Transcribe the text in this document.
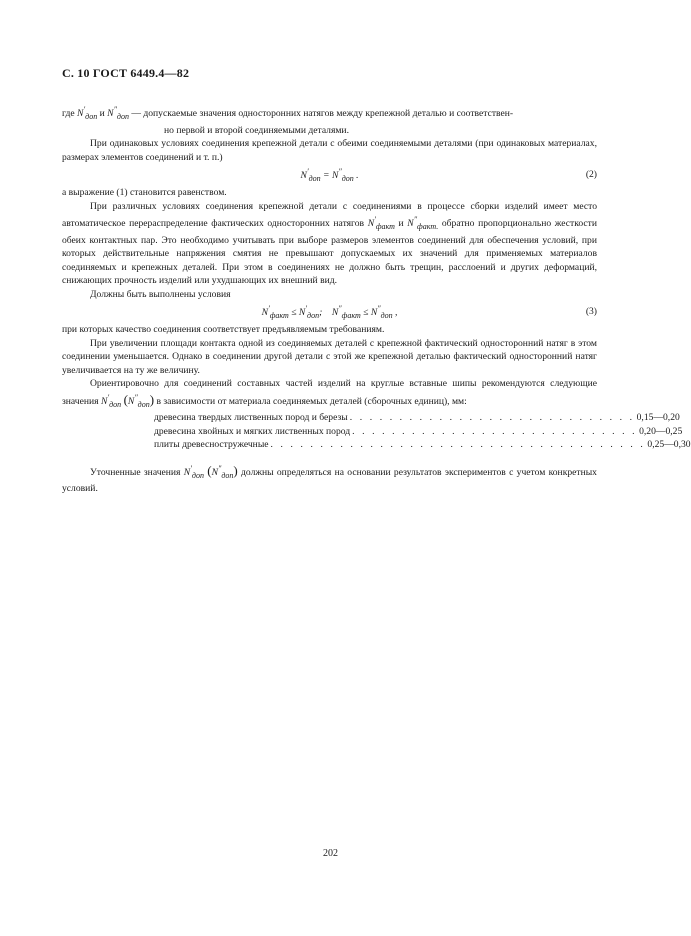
С. 10 ГОСТ 6449.4—82

где $N'_{доп}$ и $N''_{доп}$ — допускаемые значения односторонних натягов между крепежной деталью и соответствен-
но первой и второй соединяемыми деталями.

При одинаковых условиях соединения крепежной детали с обеими соединяемыми деталями (при одинаковых материалах, размерах элементов соединений и т. п.)

$N'_{доп} = N''_{доп}$ .	(2)

а выражение (1) становится равенством.

При различных условиях соединения крепежной детали с соединениями в процессе сборки изделий имеет место автоматическое перераспределение фактических односторонних натягов $N'_{факт}$ и $N''_{факт.}$ обратно пропорционально жесткости обеих контактных пар. Это необходимо учитывать при выборе размеров элементов соединений для обеспечения условий, при которых действительные напряжения смятия не превышают допускаемых их значений для применяемых материалов соединяемых и крепежных деталей. При этом в соединениях не должно быть трещин, расслоений и других деформаций, снижающих прочность изделий или ухудшающих их внешний вид.

Должны быть выполнены условия

$N'_{факт} \le N'_{доп}$; $N''_{факт} \le N''_{доп}$ ,	(3)

при которых качество соединения соответствует предъявляемым требованиям.

При увеличении площади контакта одной из соединяемых деталей с крепежной фактический односторонний натяг в этом соединении уменьшается. Однако в соединении другой детали с этой же крепежной деталью фактический односторонний натяг увеличивается на ту же величину.

Ориентировочно для соединений составных частей изделий на круглые вставные шипы рекомендуются следующие значения $N'_{доп}$ $(N''_{доп})$ в зависимости от материала соединяемых деталей (сборочных единиц), мм:

древесина твердых лиственных пород и березы . . . . . . . . . . . . . . . . . . . . . . . . . . . . . 0,15—0,20
древесина хвойных и мягких лиственных пород . . . . . . . . . . . . . . . . . . . . . . . . . . . . . 0,20—0,25
плиты древесностружечные . . . . . . . . . . . . . . . . . . . . . . . . . . . . . . . . . . . . . . 0,25—0,30

Уточненные значения $N'_{доп}$ $(N''_{доп})$ должны определяться на основании результатов экспериментов с учетом конкретных условий.

202
